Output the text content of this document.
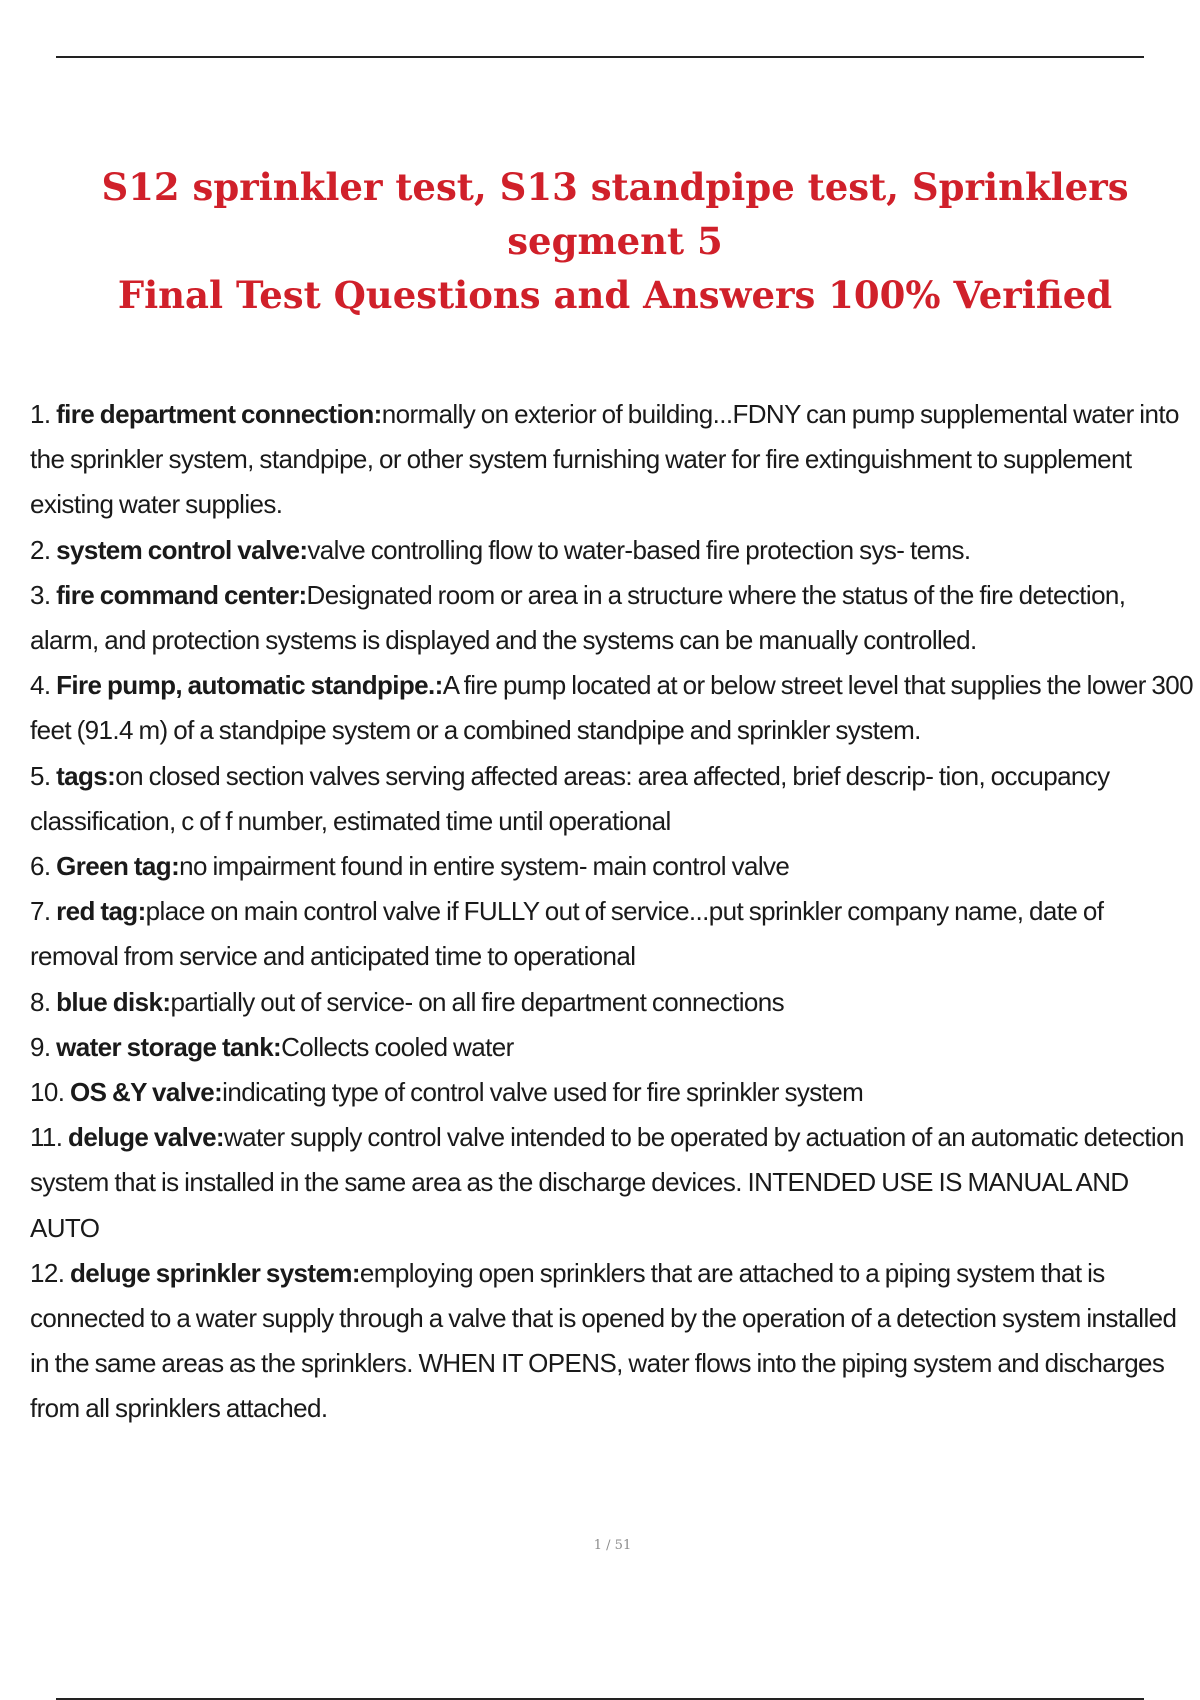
S12 sprinkler test, S13 standpipe test, Sprinklers segment 5
Final Test Questions and Answers 100% Verified
1. fire department connection:normally on exterior of building...FDNY can pump supplemental water into the sprinkler system, standpipe, or other system furnishing water for fire extinguishment to supplement existing water supplies.
2. system control valve:valve controlling flow to water-based fire protection sys- tems.
3. fire command center:Designated room or area in a structure where the status of the fire detection, alarm, and protection systems is displayed and the systems can be manually controlled.
4. Fire pump, automatic standpipe.:A fire pump located at or below street level that supplies the lower 300 feet (91.4 m) of a standpipe system or a combined standpipe and sprinkler system.
5. tags:on closed section valves serving affected areas: area affected, brief descrip- tion, occupancy classification, c of f number, estimated time until operational
6. Green tag:no impairment found in entire system- main control valve
7. red tag:place on main control valve if FULLY out of service...put sprinkler company name, date of removal from service and anticipated time to operational
8. blue disk:partially out of service- on all fire department connections
9. water storage tank:Collects cooled water
10. OS &Y valve:indicating type of control valve used for fire sprinkler system
11. deluge valve:water supply control valve intended to be operated by actuation of an automatic detection system that is installed in the same area as the discharge devices. INTENDED USE IS MANUAL AND AUTO
12. deluge sprinkler system:employing open sprinklers that are attached to a piping system that is connected to a water supply through a valve that is opened by the operation of a detection system installed in the same areas as the sprinklers. WHEN IT OPENS, water flows into the piping system and discharges from all sprinklers attached.
1 / 51
